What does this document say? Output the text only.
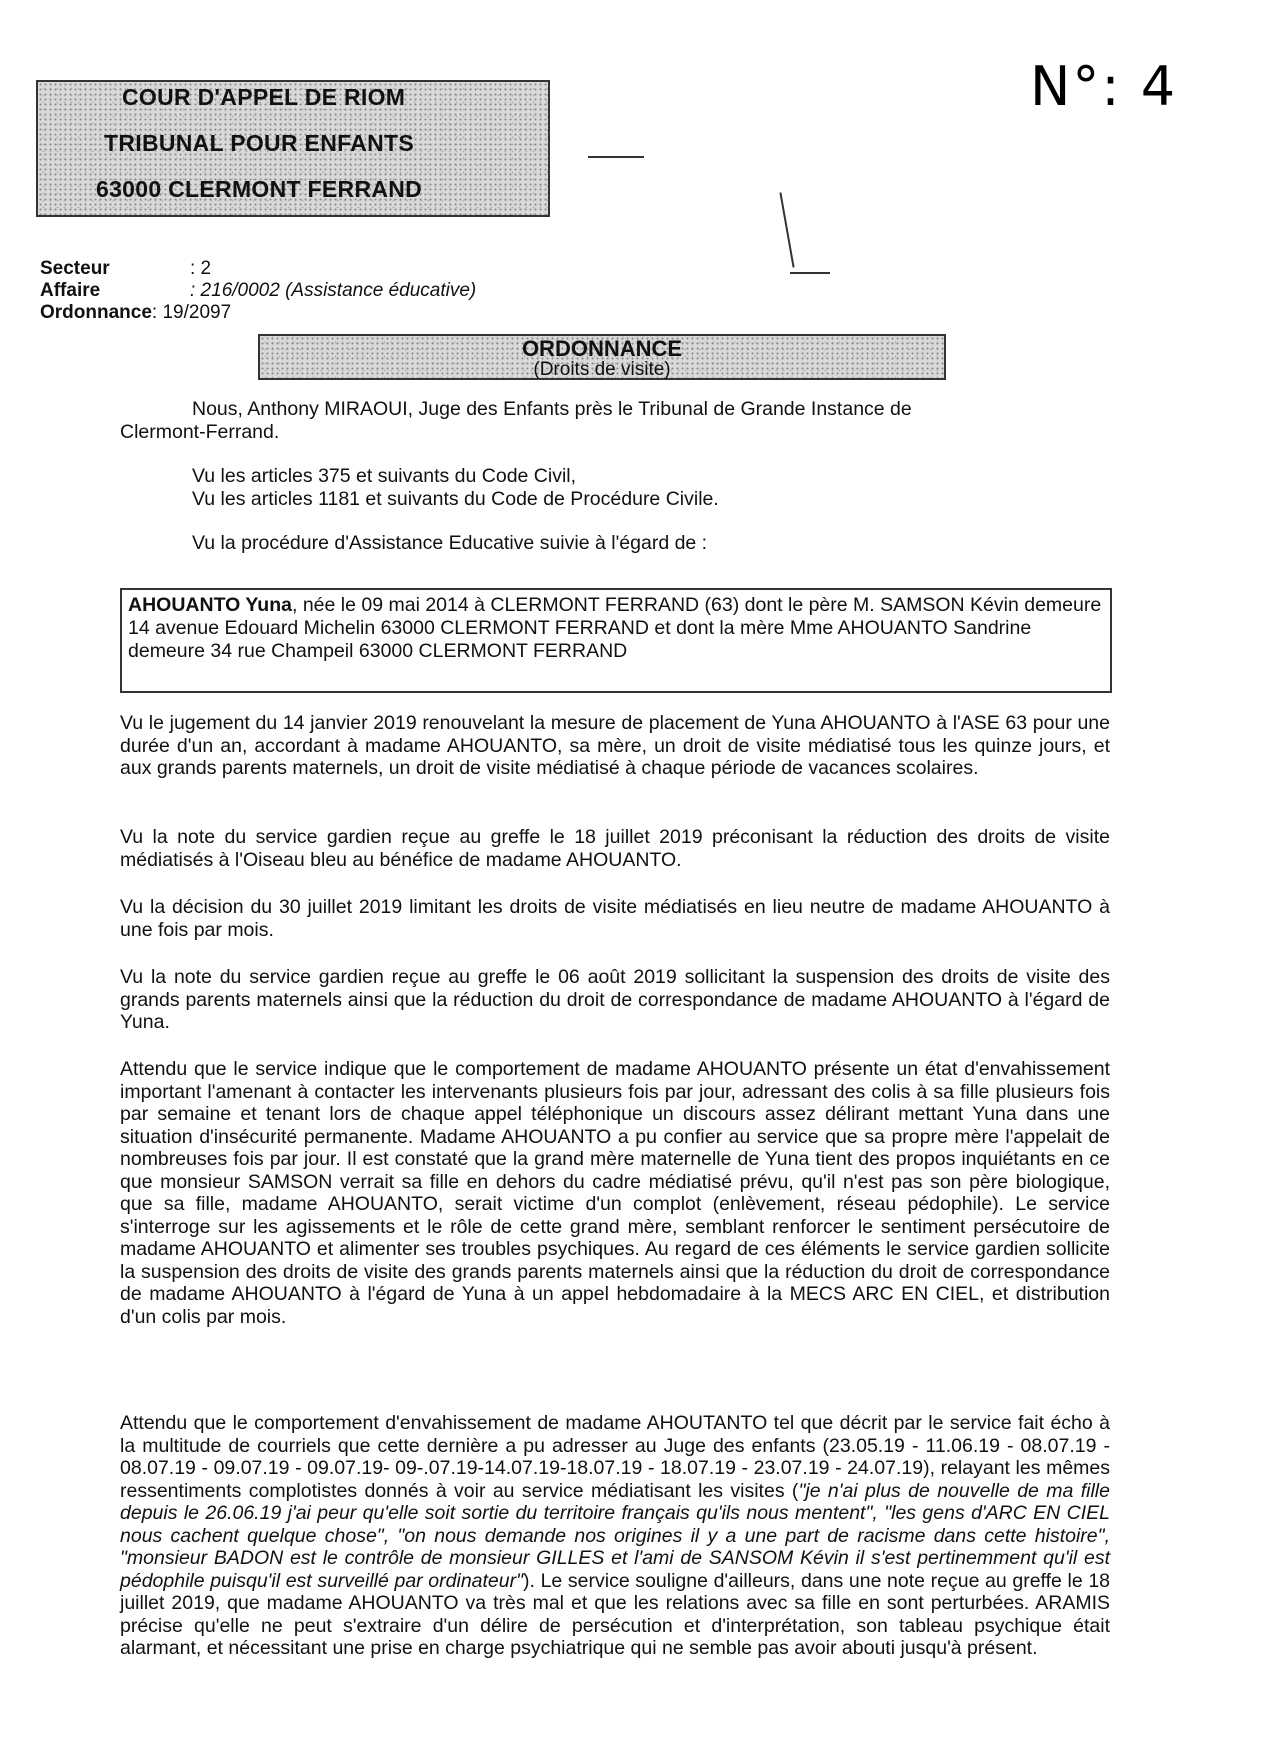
COUR D'APPEL DE RIOM
TRIBUNAL POUR ENFANTS
63000 CLERMONT FERRAND
N°: 4
Secteur	: 2
Affaire	: 216/0002 (Assistance éducative)
Ordonnance : 19/2097
ORDONNANCE
(Droits de visite)

Nous, Anthony MIRAOUI, Juge des Enfants près le Tribunal de Grande Instance de

Clermont-Ferrand.

Vu les articles 375 et suivants du Code Civil,

Vu les articles 1181 et suivants du Code de Procédure Civile.

Vu la procédure d'Assistance Educative suivie à l'égard de :

AHOUANTO Yuna, née le 09 mai 2014 à CLERMONT FERRAND (63) dont le père M. SAMSON Kévin demeure 14 avenue Edouard Michelin 63000 CLERMONT FERRAND et dont la mère Mme AHOUANTO Sandrine demeure 34 rue Champeil 63000 CLERMONT FERRAND

Vu le jugement du 14 janvier 2019 renouvelant la mesure de placement de Yuna AHOUANTO à l'ASE 63 pour une durée d'un an, accordant à madame AHOUANTO, sa mère, un droit de visite médiatisé tous les quinze jours, et aux grands parents maternels, un droit de visite médiatisé à chaque période de vacances scolaires.

Vu la note du service gardien reçue au greffe le 18 juillet 2019 préconisant la réduction des droits de visite médiatisés à l'Oiseau bleu au bénéfice de madame AHOUANTO.

Vu la décision du 30 juillet 2019 limitant les droits de visite médiatisés en lieu neutre de madame AHOUANTO à une fois par mois.

Vu la note du service gardien reçue au greffe le 06 août 2019 sollicitant la suspension des droits de visite des grands parents maternels ainsi que la réduction du droit de correspondance de madame AHOUANTO à l'égard de Yuna.

Attendu que le service indique que le comportement de madame AHOUANTO présente un état d'envahissement important l'amenant à contacter les intervenants plusieurs fois par jour, adressant des colis à sa fille plusieurs fois par semaine et tenant lors de chaque appel téléphonique un discours assez délirant mettant Yuna dans une situation d'insécurité permanente. Madame AHOUANTO a pu confier au service que sa propre mère l'appelait de nombreuses fois par jour. Il est constaté que la grand mère maternelle de Yuna tient des propos inquiétants en ce que monsieur SAMSON verrait sa fille en dehors du cadre médiatisé prévu, qu'il n'est pas son père biologique, que sa fille, madame AHOUANTO, serait victime d'un complot (enlèvement, réseau pédophile). Le service s'interroge sur les agissements et le rôle de cette grand mère, semblant renforcer le sentiment persécutoire de madame AHOUANTO et alimenter ses troubles psychiques. Au regard de ces éléments le service gardien sollicite la suspension des droits de visite des grands parents maternels ainsi que la réduction du droit de correspondance de madame AHOUANTO à l'égard de Yuna à un appel hebdomadaire à la MECS ARC EN CIEL, et distribution d'un colis par mois.

Attendu que le comportement d'envahissement de madame AHOUTANTO tel que décrit par le service fait écho à la multitude de courriels que cette dernière a pu adresser au Juge des enfants (23.05.19 - 11.06.19 - 08.07.19 - 08.07.19 - 09.07.19 - 09.07.19- 09-.07.19-14.07.19-18.07.19 - 18.07.19 - 23.07.19 - 24.07.19), relayant les mêmes ressentiments complotistes donnés à voir au service médiatisant les visites ("je n'ai plus de nouvelle de ma fille depuis le 26.06.19 j'ai peur qu'elle soit sortie du territoire français qu'ils nous mentent", "les gens d'ARC EN CIEL nous cachent quelque chose", "on nous demande nos origines il y a une part de racisme dans cette histoire", "monsieur BADON est le contrôle de monsieur GILLES et l'ami de SANSOM Kévin il s'est pertinemment qu'il est pédophile puisqu'il est surveillé par ordinateur"). Le service souligne d'ailleurs, dans une note reçue au greffe le 18 juillet 2019, que madame AHOUANTO va très mal et que les relations avec sa fille en sont perturbées. ARAMIS précise qu'elle ne peut s'extraire d'un délire de persécution et d'interprétation, son tableau psychique était alarmant, et nécessitant une prise en charge psychiatrique qui ne semble pas avoir abouti jusqu'à présent.
